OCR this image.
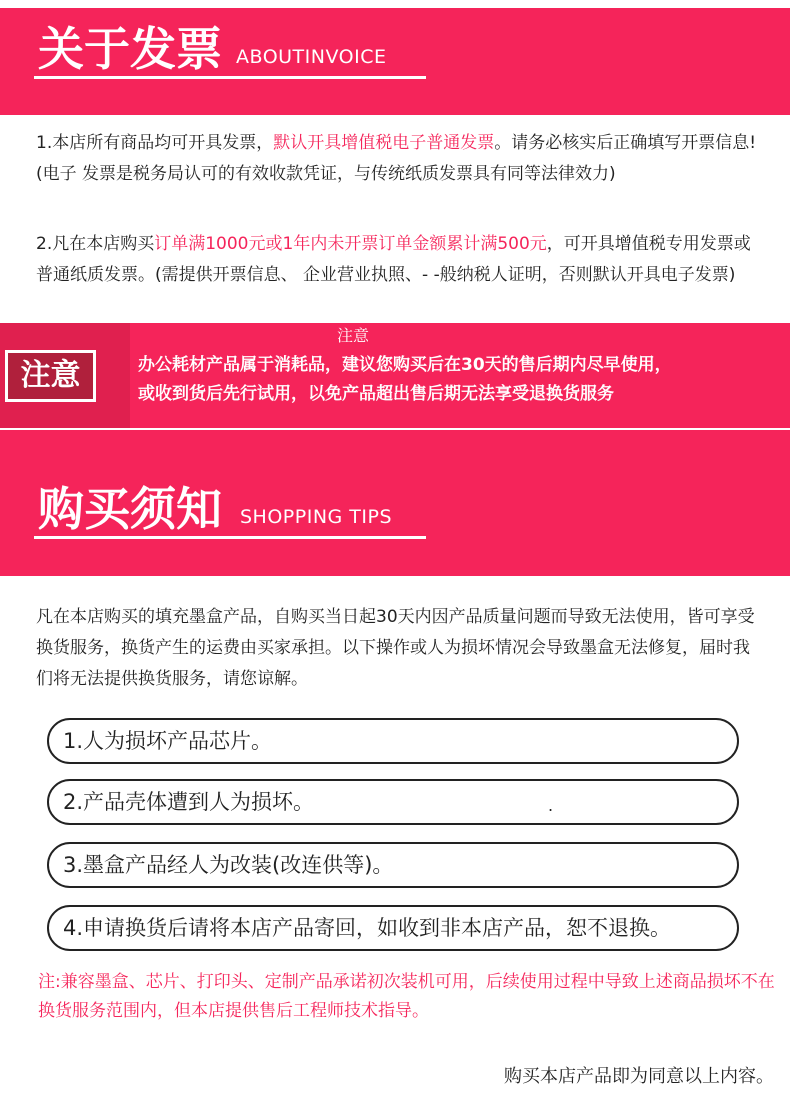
关于发票 ABOUTINVOICE
1.本店所有商品均可开具发票，默认开具增值税电子普通发票。请务必核实后正确填写开票信息! (电子 发票是税务局认可的有效收款凭证，与传统纸质发票具有同等法律效力)
2.凡在本店购买订单满1000元或1年内未开票订单金额累计满500元，可开具增值税专用发票或普通纸质发票。(需提供开票信息、 企业营业执照、- -般纳税人证明，否则默认开具电子发票)
注意
注意
办公耗材产品属于消耗品，建议您购买后在30天的售后期内尽早使用，
或收到货后先行试用，以免产品超出售后期无法享受退换货服务
购买须知 SHOPPING TIPS
凡在本店购买的填充墨盒产品，自购买当日起30天内因产品质量问题而导致无法使用，皆可享受换货服务，换货产生的运费由买家承担。以下操作或人为损坏情况会导致墨盒无法修复，届时我们将无法提供换货服务，请您谅解。
1.人为损坏产品芯片。
2.产品壳体遭到人为损坏。	.
3.墨盒产品经人为改装(改连供等)。
4.申请换货后请将本店产品寄回，如收到非本店产品，恕不退换。
注:兼容墨盒、芯片、打印头、定制产品承诺初次装机可用，后续使用过程中导致上述商品损坏不在换货服务范围内，但本店提供售后工程师技术指导。
购买本店产品即为同意以上内容。
